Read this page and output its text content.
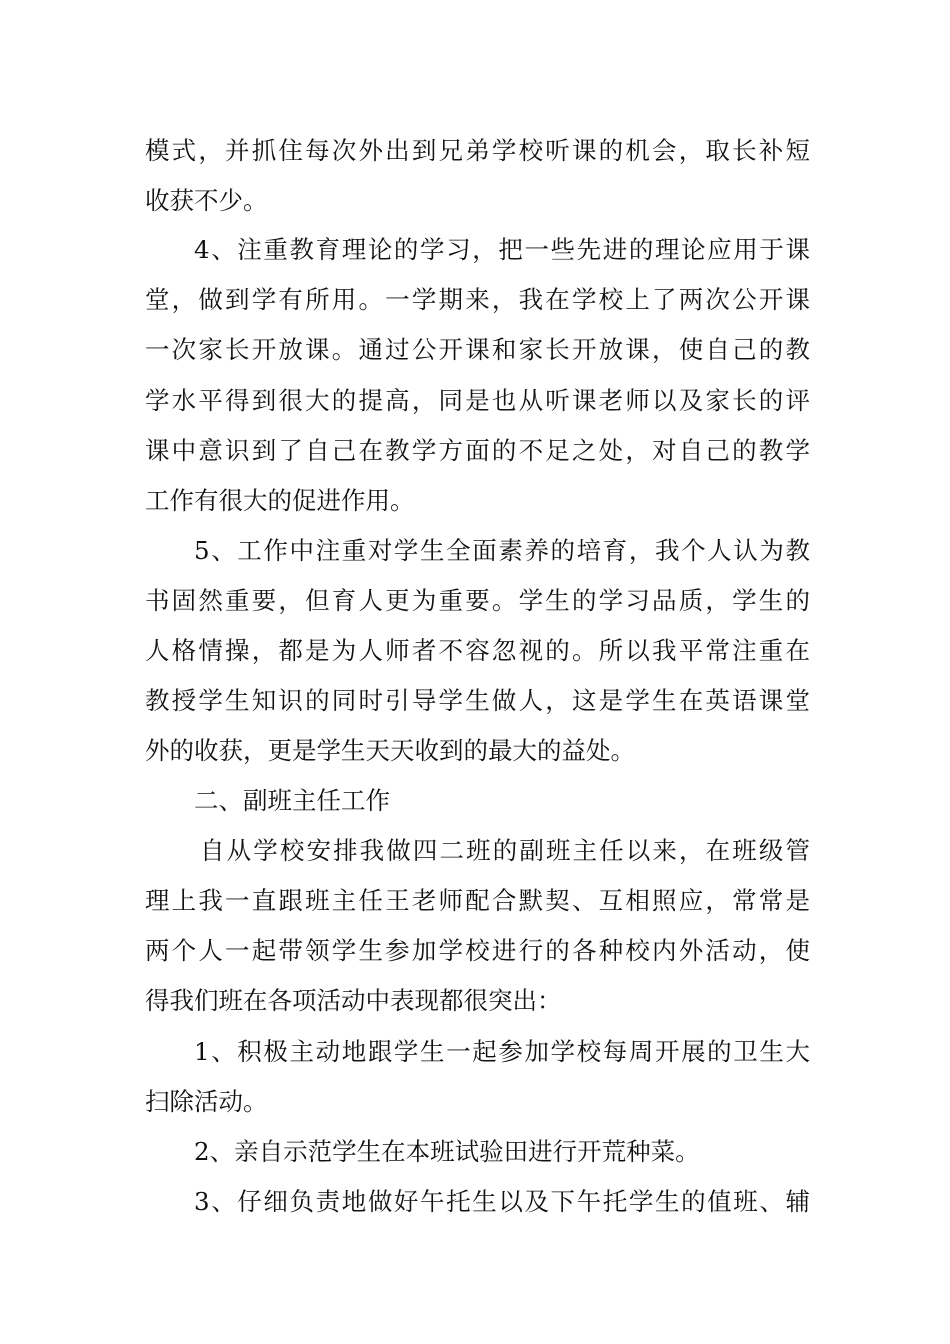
模式，并抓住每次外出到兄弟学校听课的机会，取长补短
收获不少。
4、注重教育理论的学习，把一些先进的理论应用于课
堂，做到学有所用。一学期来，我在学校上了两次公开课
一次家长开放课。通过公开课和家长开放课，使自己的教
学水平得到很大的提高，同是也从听课老师以及家长的评
课中意识到了自己在教学方面的不足之处，对自己的教学
工作有很大的促进作用。
5、工作中注重对学生全面素养的培育，我个人认为教
书固然重要，但育人更为重要。学生的学习品质，学生的
人格情操，都是为人师者不容忽视的。所以我平常注重在
教授学生知识的同时引导学生做人，这是学生在英语课堂
外的收获，更是学生天天收到的最大的益处。
二、副班主任工作
自从学校安排我做四二班的副班主任以来，在班级管
理上我一直跟班主任王老师配合默契、互相照应，常常是
两个人一起带领学生参加学校进行的各种校内外活动，使
得我们班在各项活动中表现都很突出：
1、积极主动地跟学生一起参加学校每周开展的卫生大
扫除活动。
2、亲自示范学生在本班试验田进行开荒种菜。
3、仔细负责地做好午托生以及下午托学生的值班、辅
